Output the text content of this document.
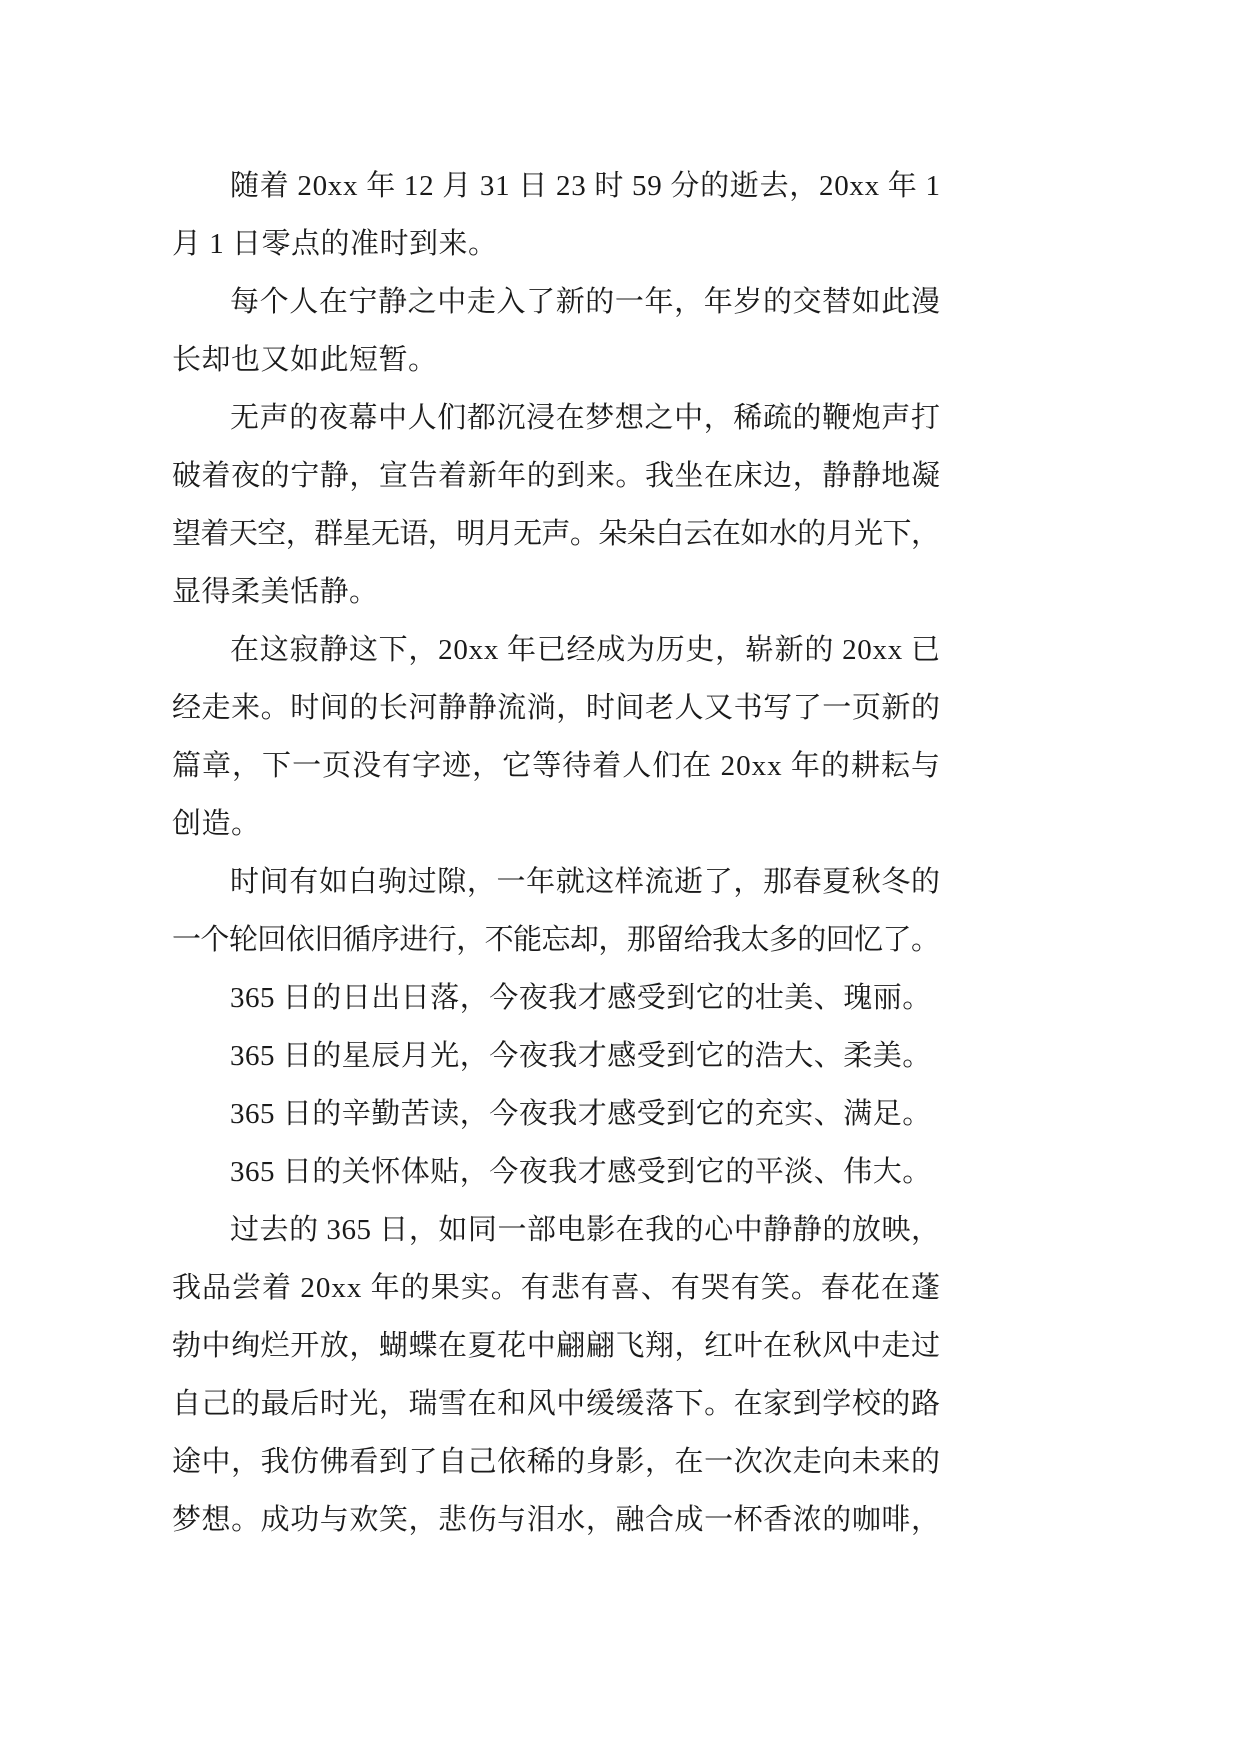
随着 20xx 年 12 月 31 日 23 时 59 分的逝去，20xx 年 1
月 1 日零点的准时到来。
每个人在宁静之中走入了新的一年，年岁的交替如此漫
长却也又如此短暂。
无声的夜幕中人们都沉浸在梦想之中，稀疏的鞭炮声打
破着夜的宁静，宣告着新年的到来。我坐在床边，静静地凝
望着天空，群星无语，明月无声。朵朵白云在如水的月光下，
显得柔美恬静。
在这寂静这下，20xx 年已经成为历史，崭新的 20xx 已
经走来。时间的长河静静流淌，时间老人又书写了一页新的
篇章，下一页没有字迹，它等待着人们在 20xx 年的耕耘与
创造。
时间有如白驹过隙，一年就这样流逝了，那春夏秋冬的
一个轮回依旧循序进行，不能忘却，那留给我太多的回忆了。
365 日的日出日落，今夜我才感受到它的壮美、瑰丽。
365 日的星辰月光，今夜我才感受到它的浩大、柔美。
365 日的辛勤苦读，今夜我才感受到它的充实、满足。
365 日的关怀体贴，今夜我才感受到它的平淡、伟大。
过去的 365 日，如同一部电影在我的心中静静的放映，
我品尝着 20xx 年的果实。有悲有喜、有哭有笑。春花在蓬
勃中绚烂开放，蝴蝶在夏花中翩翩飞翔，红叶在秋风中走过
自己的最后时光，瑞雪在和风中缓缓落下。在家到学校的路
途中，我仿佛看到了自己依稀的身影，在一次次走向未来的
梦想。成功与欢笑，悲伤与泪水，融合成一杯香浓的咖啡，
